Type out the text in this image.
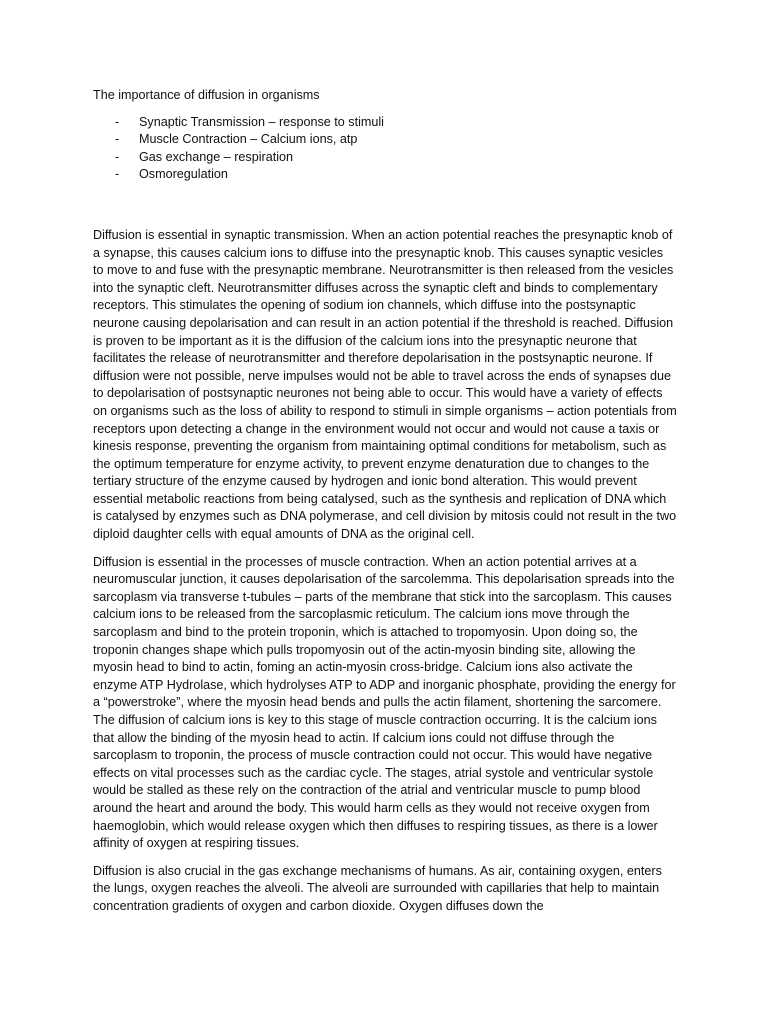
The importance of diffusion in organisms
- Synaptic Transmission – response to stimuli
- Muscle Contraction – Calcium ions, atp
- Gas exchange – respiration
- Osmoregulation

Diffusion is essential in synaptic transmission. When an action potential reaches the presynaptic knob of a synapse, this causes calcium ions to diffuse into the presynaptic knob. This causes synaptic vesicles to move to and fuse with the presynaptic membrane. Neurotransmitter is then released from the vesicles into the synaptic cleft. Neurotransmitter diffuses across the synaptic cleft and binds to complementary receptors. This stimulates the opening of sodium ion channels, which diffuse into the postsynaptic neurone causing depolarisation and can result in an action potential if the threshold is reached. Diffusion is proven to be important as it is the diffusion of the calcium ions into the presynaptic neurone that facilitates the release of neurotransmitter and therefore depolarisation in the postsynaptic neurone. If diffusion were not possible, nerve impulses would not be able to travel across the ends of synapses due to depolarisation of postsynaptic neurones not being able to occur. This would have a variety of effects on organisms such as the loss of ability to respond to stimuli in simple organisms – action potentials from receptors upon detecting a change in the environment would not occur and would not cause a taxis or kinesis response, preventing the organism from maintaining optimal conditions for metabolism, such as the optimum temperature for enzyme activity, to prevent enzyme denaturation due to changes to the tertiary structure of the enzyme caused by hydrogen and ionic bond alteration. This would prevent essential metabolic reactions from being catalysed, such as the synthesis and replication of DNA which is catalysed by enzymes such as DNA polymerase, and cell division by mitosis could not result in the two diploid daughter cells with equal amounts of DNA as the original cell.

Diffusion is essential in the processes of muscle contraction. When an action potential arrives at a neuromuscular junction, it causes depolarisation of the sarcolemma. This depolarisation spreads into the sarcoplasm via transverse t-tubules – parts of the membrane that stick into the sarcoplasm. This causes calcium ions to be released from the sarcoplasmic reticulum. The calcium ions move through the sarcoplasm and bind to the protein troponin, which is attached to tropomyosin. Upon doing so, the troponin changes shape which pulls tropomyosin out of the actin-myosin binding site, allowing the myosin head to bind to actin, foming an actin-myosin cross-bridge. Calcium ions also activate the enzyme ATP Hydrolase, which hydrolyses ATP to ADP and inorganic phosphate, providing the energy for a “powerstroke”, where the myosin head bends and pulls the actin filament, shortening the sarcomere. The diffusion of calcium ions is key to this stage of muscle contraction occurring. It is the calcium ions that allow the binding of the myosin head to actin. If calcium ions could not diffuse through the sarcoplasm to troponin, the process of muscle contraction could not occur. This would have negative effects on vital processes such as the cardiac cycle. The stages, atrial systole and ventricular systole would be stalled as these rely on the contraction of the atrial and ventricular muscle to pump blood around the heart and around the body. This would harm cells as they would not receive oxygen from haemoglobin, which would release oxygen which then diffuses to respiring tissues, as there is a lower affinity of oxygen at respiring tissues.

Diffusion is also crucial in the gas exchange mechanisms of humans. As air, containing oxygen, enters the lungs, oxygen reaches the alveoli. The alveoli are surrounded with capillaries that help to maintain concentration gradients of oxygen and carbon dioxide. Oxygen diffuses down the
